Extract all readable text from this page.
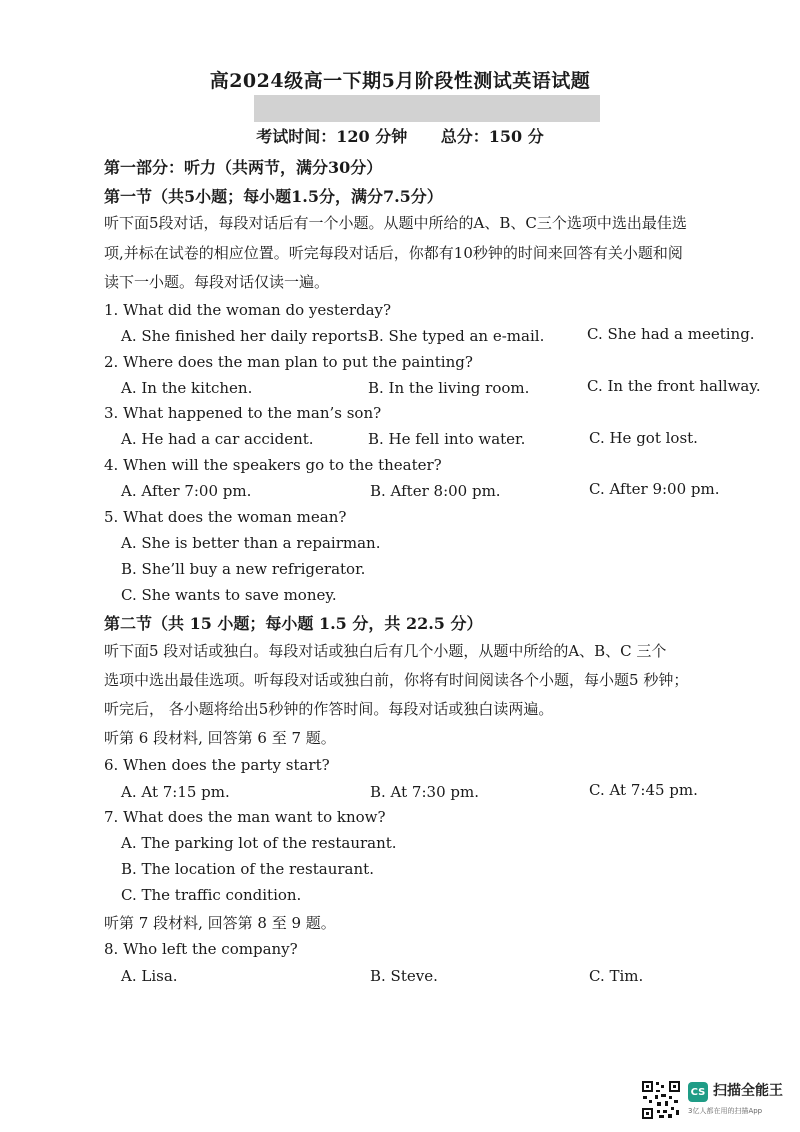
高2024级高一下期5月阶段性测试英语试题
考试时间：120 分钟 总分：150 分
第一部分：听力（共两节，满分30分）
第一节（共5小题；每小题1.5分，满分7.5分）
听下面5段对话，每段对话后有一个小题。从题中所给的A、B、C三个选项中选出最佳选
项,并标在试卷的相应位置。听完每段对话后，你都有10秒钟的时间来回答有关小题和阅
读下一小题。每段对话仅读一遍。
1. What did the woman do yesterday?
A. She finished her daily reports.
B. She typed an e-mail.	C. She had a meeting.
2. Where does the man plan to put the painting?
A. In the kitchen.	B. In the living room.	C. In the front hallway.
3. What happened to the man’s son?
A. He had a car accident.	B. He fell into water.	C. He got lost.
4. When will the speakers go to the theater?
A. After 7:00 pm.	B. After 8:00 pm.	C. After 9:00 pm.
5. What does the woman mean?
A. She is better than a repairman.
B. She’ll buy a new refrigerator.
C. She wants to save money.
第二节（共 15 小题；每小题 1.5 分，共 22.5 分）
听下面5 段对话或独白。每段对话或独白后有几个小题，从题中所给的A、B、C 三个
选项中选出最佳选项。听每段对话或独白前，你将有时间阅读各个小题，每小题5 秒钟；
听完后， 各小题将给出5秒钟的作答时间。每段对话或独白读两遍。
听第 6 段材料, 回答第 6 至 7 题。
6. When does the party start?
A. At 7:15 pm.	B. At 7:30 pm.	C. At 7:45 pm.
7. What does the man want to know?
A. The parking lot of the restaurant.
B. The location of the restaurant.
C. The traffic condition.
听第 7 段材料, 回答第 8 至 9 题。
8. Who left the company?
A. Lisa.	B. Steve.	C. Tim.
CS 扫描全能王
3亿人都在用的扫描App
